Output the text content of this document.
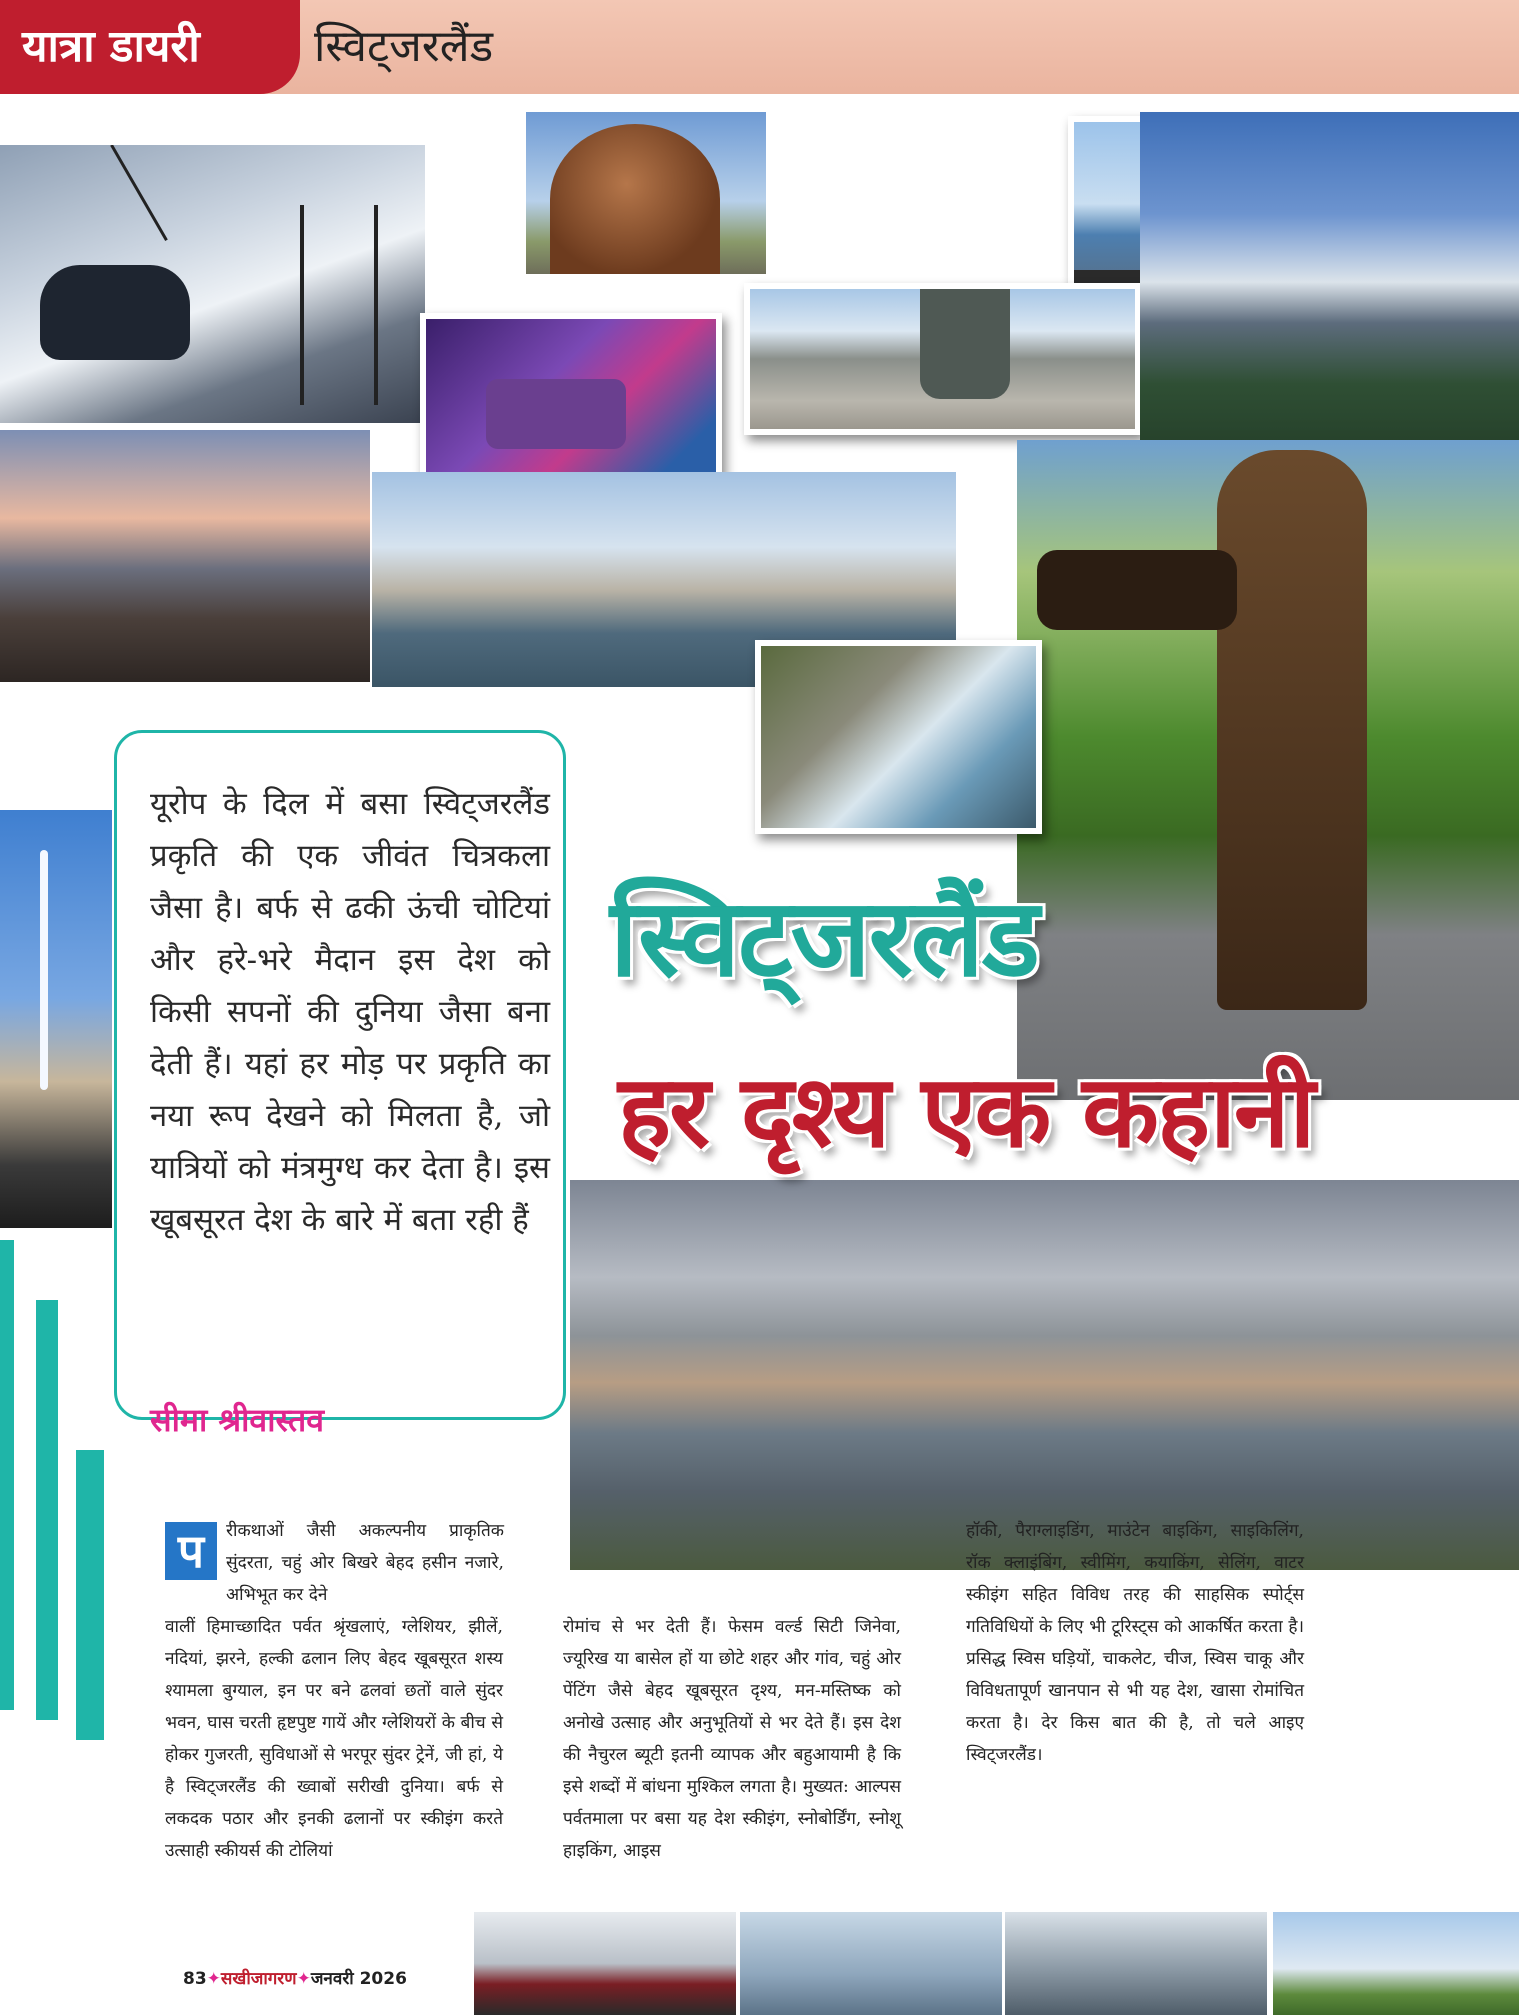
यात्रा डायरी	स्विट्जरलैंड
यूरोप के दिल में बसा स्विट्जरलैंड प्रकृति की एक जीवंत चित्रकला जैसा है। बर्फ से ढकी ऊंची चोटियां और हरे-भरे मैदान इस देश को किसी सपनों की दुनिया जैसा बना देती हैं। यहां हर मोड़ पर प्रकृति का नया रूप देखने को मिलता है, जो यात्रियों को मंत्रमुग्ध कर देता है। इस खूबसूरत देश के बारे में बता रही हैं
सीमा श्रीवास्तव
स्विट्जरलैंड
हर दृश्य एक कहानी
प	रीकथाओं जैसी अकल्पनीय प्राकृतिक सुंदरता, चहुं ओर बिखरे बेहद हसीन नजारे, अभिभूत कर देने
वालीं हिमाच्छादित पर्वत श्रृंखलाएं, ग्लेशियर, झीलें, नदियां, झरने, हल्की ढलान लिए बेहद खूबसूरत शस्य श्यामला बुग्याल, इन पर बने ढलवां छतों वाले सुंदर भवन, घास चरती हृष्टपुष्ट गायें और ग्लेशियरों के बीच से होकर गुजरती, सुविधाओं से भरपूर सुंदर ट्रेनें, जी हां, ये है स्विट्जरलैंड की ख्वाबों सरीखी दुनिया। बर्फ से लकदक पठार और इनकी ढलानों पर स्कीइंग करते उत्साही स्कीयर्स की टोलियां
रोमांच से भर देती हैं। फेसम वर्ल्ड सिटी जिनेवा, ज्यूरिख या बासेल हों या छोटे शहर और गांव, चहुं ओर पेंटिंग जैसे बेहद खूबसूरत दृश्य, मन-मस्तिष्क को अनोखे उत्साह और अनुभूतियों से भर देते हैं। इस देश की नैचुरल ब्यूटी इतनी व्यापक और बहुआयामी है कि इसे शब्दों में बांधना मुश्किल लगता है। मुख्यत: आल्पस पर्वतमाला पर बसा यह देश स्कीइंग, स्नोबोर्डिंग, स्नोशू हाइकिंग, आइस
हॉकी, पैराग्लाइडिंग, माउंटेन बाइकिंग, साइकिलिंग, रॉक क्लाइंबिंग, स्वीमिंग, कयाकिंग, सेलिंग, वाटर स्कीइंग सहित विविध तरह की साहसिक स्पोर्ट्स गतिविधियों के लिए भी टूरिस्ट्स को आकर्षित करता है। प्रसिद्ध स्विस घड़ियों, चाकलेट, चीज, स्विस चाकू और विविधतापूर्ण खानपान से भी यह देश, खासा रोमांचित करता है। देर किस बात की है, तो चले आइए स्विट्जरलैंड।
83✦सखीजागरण✦जनवरी 2026
